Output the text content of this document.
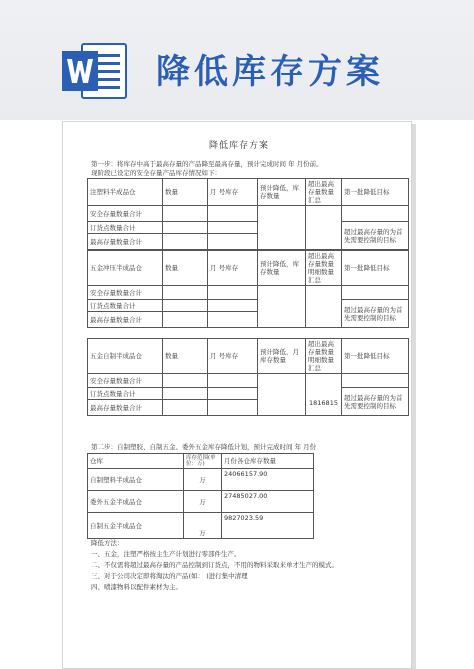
降低库存方案
降低库存方案
第一步：将库存中高于最高存量的产品降至最高存量，预计完成时间 年 月份前。
现阶段已设定的安全存量产品库存情况如下：
注塑料半成品仓	数量	月 号库存	预计降低，库存数量	超出最高存量数量汇总	第一批降低目标
安全存量数量合计					
订货点数量合计					超过最高存量的为首先需要控制的目标
最高存量数量合计					
五金冲压半成品仓	数量	月 号库存	预计降低，库存数量	超出最高存量数量明细数量汇总	第一批降低目标
安全存量数量合计					
订货点数量合计					超过最高存量的为首先需要控制的目标
最高存量数量合计					
五金自制半成品仓	数量	月 号库存	预计降低，月库存数量	超出最高存量数量明细数量汇总	第一批降低目标
安全存量数量合计				1816815	
订货点数量合计					超过最高存量的为首先需要控制的目标
最高存量数量合计					
第二步：自制塑胶、自制五金、委外五金库存降低计划，预计完成时间 年 月份
仓库	库存范围(单位：万)	月份各仓库存数量
自制塑料半成品仓	万	24066157.90
委外五金半成品仓	万	27485027.00
自制五金半成品仓	万	9827023.59
降低方法：
一、五金，注塑严格按主生产计划进行零部件生产。
二、不仅需将超过最高存量的产品控制到订货点，不用的物料采取来单才生产的模式。
三、对于公司决定即将淘汰的产品(如： )进行集中清理
四、喷漆物料以配件素材为主。
